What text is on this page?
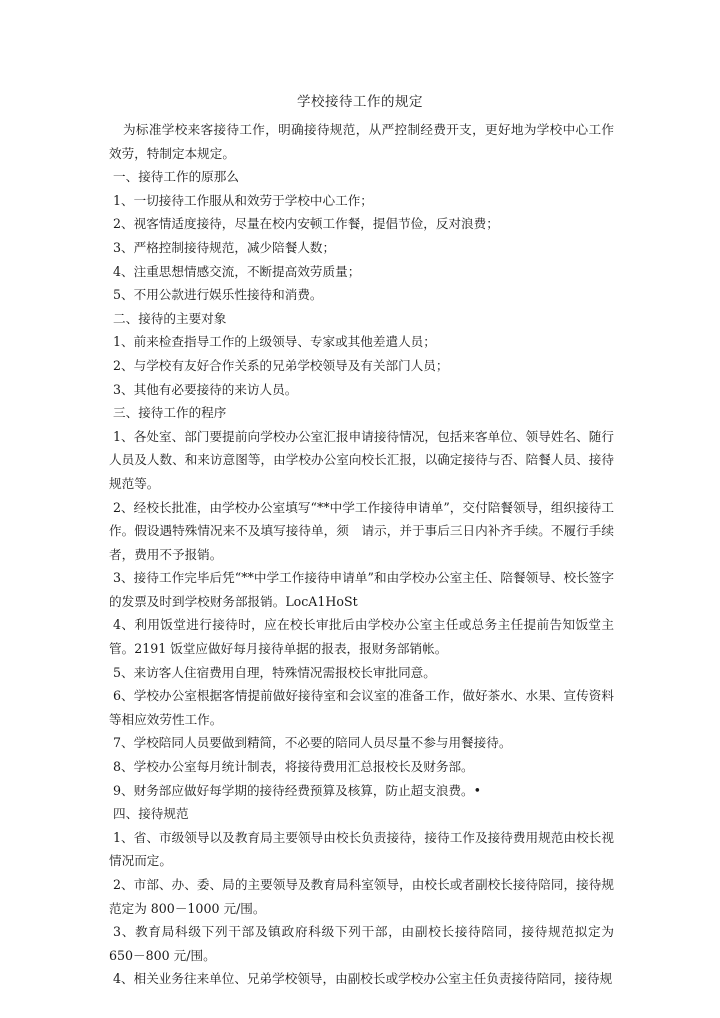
学校接待工作的规定

为标准学校来客接待工作，明确接待规范，从严控制经费开支，更好地为学校中心工作效劳，特制定本规定。

一、接待工作的原那么

1、一切接待工作服从和效劳于学校中心工作；

2、视客情适度接待，尽量在校内安顿工作餐，提倡节俭，反对浪费；

3、严格控制接待规范，减少陪餐人数；

4、注重思想情感交流，不断提高效劳质量；

5、不用公款进行娱乐性接待和消费。

二、接待的主要对象

1、前来检查指导工作的上级领导、专家或其他差遣人员；

2、与学校有友好合作关系的兄弟学校领导及有关部门人员；

3、其他有必要接待的来访人员。

三、接待工作的程序

1、各处室、部门要提前向学校办公室汇报申请接待情况，包括来客单位、领导姓名、随行人员及人数、和来访意图等，由学校办公室向校长汇报，以确定接待与否、陪餐人员、接待规范等。

2、经校长批准，由学校办公室填写“**中学工作接待申请单”，交付陪餐领导，组织接待工作。假设遇特殊情况来不及填写接待单，须　请示，并于事后三日内补齐手续。不履行手续者，费用不予报销。

3、接待工作完毕后凭“**中学工作接待申请单”和由学校办公室主任、陪餐领导、校长签字的发票及时到学校财务部报销。LocA1HoSt

4、利用饭堂进行接待时，应在校长审批后由学校办公室主任或总务主任提前告知饭堂主管。2191 饭堂应做好每月接待单据的报表，报财务部销帐。

5、来访客人住宿费用自理，特殊情况需报校长审批同意。

6、学校办公室根据客情提前做好接待室和会议室的准备工作，做好茶水、水果、宣传资料等相应效劳性工作。

7、学校陪同人员要做到精简，不必要的陪同人员尽量不参与用餐接待。

8、学校办公室每月统计制表，将接待费用汇总报校长及财务部。

9、财务部应做好每学期的接待经费预算及核算，防止超支浪费。•

四、接待规范

1、省、市级领导以及教育局主要领导由校长负责接待，接待工作及接待费用规范由校长视情况而定。

2、市部、办、委、局的主要领导及教育局科室领导，由校长或者副校长接待陪同，接待规范定为 800－1000 元/围。

3、教育局科级下列干部及镇政府科级下列干部，由副校长接待陪同，接待规范拟定为 650－800 元/围。

4、相关业务往来单位、兄弟学校领导，由副校长或学校办公室主任负责接待陪同，接待规
